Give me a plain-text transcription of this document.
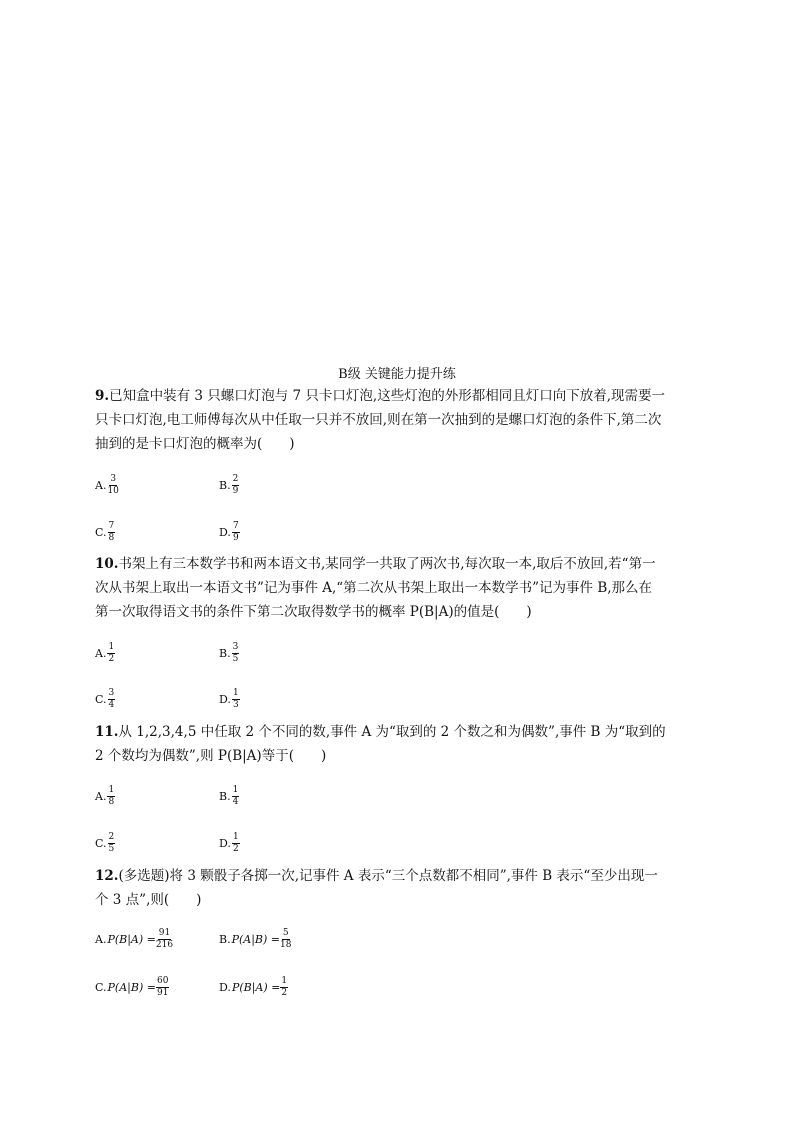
B级 关键能力提升练
9.已知盒中装有 3 只螺口灯泡与 7 只卡口灯泡,这些灯泡的外形都相同且灯口向下放着,现需要一
只卡口灯泡,电工师傅每次从中任取一只并不放回,则在第一次抽到的是螺口灯泡的条件下,第二次
抽到的是卡口灯泡的概率为(　　)
A. $\frac{3}{10}$	B. $\frac{2}{9}$
C. $\frac{7}{8}$	D. $\frac{7}{9}$
10.书架上有三本数学书和两本语文书,某同学一共取了两次书,每次取一本,取后不放回,若“第一
次从书架上取出一本语文书”记为事件 A,“第二次从书架上取出一本数学书”记为事件 B,那么在
第一次取得语文书的条件下第二次取得数学书的概率 P(B|A)的值是(　　)
A. $\frac{1}{2}$	B. $\frac{3}{5}$
C. $\frac{3}{4}$	D. $\frac{1}{3}$
11.从 1,2,3,4,5 中任取 2 个不同的数,事件 A 为“取到的 2 个数之和为偶数”,事件 B 为“取到的
2 个数均为偶数”,则 P(B|A)等于(　　)
A. $\frac{1}{8}$	B. $\frac{1}{4}$
C. $\frac{2}{5}$	D. $\frac{1}{2}$
12.(多选题)将 3 颗骰子各掷一次,记事件 A 表示“三个点数都不相同”,事件 B 表示“至少出现一
个 3 点”,则(　　)
A. $P(B|A) = \frac{91}{216}$	B. $P(A|B) = \frac{5}{18}$
C. $P(A|B) = \frac{60}{91}$	D. $P(B|A) = \frac{1}{2}$
